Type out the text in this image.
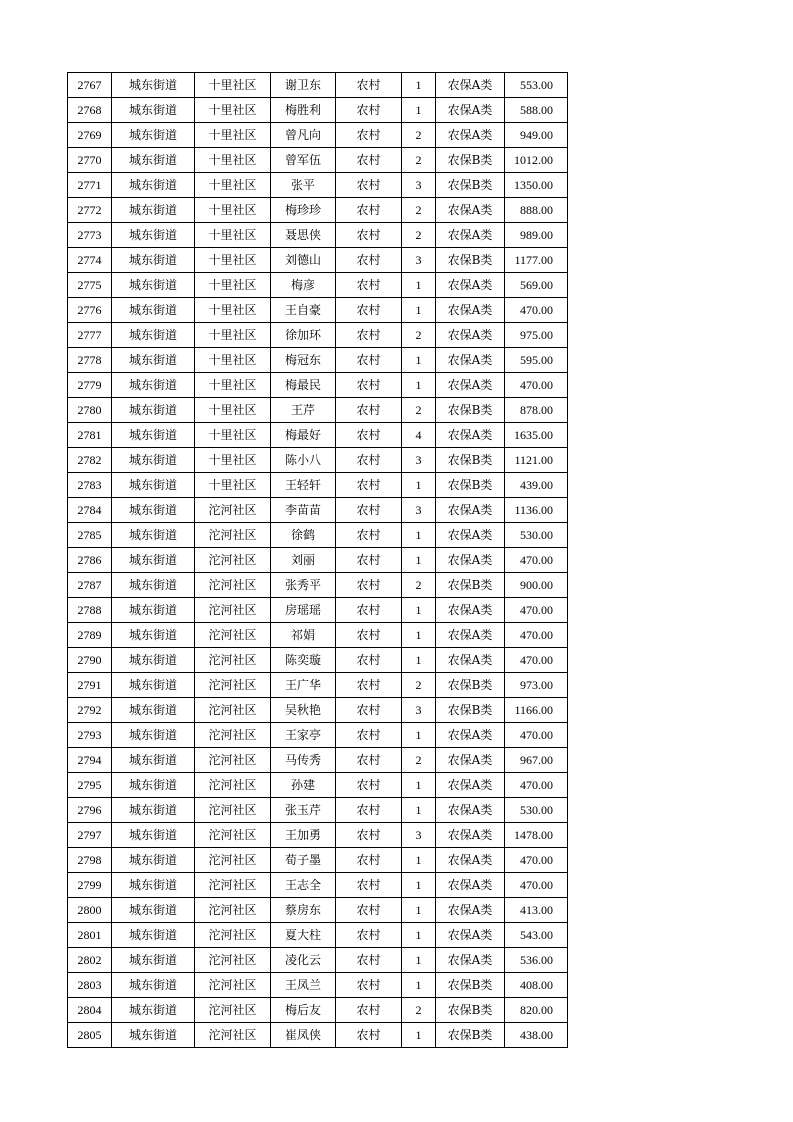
2767	城东街道	十里社区	谢卫东	农村	1	农保A类	553.00
2768	城东街道	十里社区	梅胜利	农村	1	农保A类	588.00
2769	城东街道	十里社区	曾凡向	农村	2	农保A类	949.00
2770	城东街道	十里社区	曾军伍	农村	2	农保B类	1012.00
2771	城东街道	十里社区	张平	农村	3	农保B类	1350.00
2772	城东街道	十里社区	梅珍珍	农村	2	农保A类	888.00
2773	城东街道	十里社区	聂思侠	农村	2	农保A类	989.00
2774	城东街道	十里社区	刘德山	农村	3	农保B类	1177.00
2775	城东街道	十里社区	梅彦	农村	1	农保A类	569.00
2776	城东街道	十里社区	王自豪	农村	1	农保A类	470.00
2777	城东街道	十里社区	徐加环	农村	2	农保A类	975.00
2778	城东街道	十里社区	梅冠东	农村	1	农保A类	595.00
2779	城东街道	十里社区	梅最民	农村	1	农保A类	470.00
2780	城东街道	十里社区	王芹	农村	2	农保B类	878.00
2781	城东街道	十里社区	梅最好	农村	4	农保A类	1635.00
2782	城东街道	十里社区	陈小八	农村	3	农保B类	1121.00
2783	城东街道	十里社区	王轻轩	农村	1	农保B类	439.00
2784	城东街道	沱河社区	李苗苗	农村	3	农保A类	1136.00
2785	城东街道	沱河社区	徐鹤	农村	1	农保A类	530.00
2786	城东街道	沱河社区	刘丽	农村	1	农保A类	470.00
2787	城东街道	沱河社区	张秀平	农村	2	农保B类	900.00
2788	城东街道	沱河社区	房瑶瑶	农村	1	农保A类	470.00
2789	城东街道	沱河社区	祁娟	农村	1	农保A类	470.00
2790	城东街道	沱河社区	陈奕璇	农村	1	农保A类	470.00
2791	城东街道	沱河社区	王广华	农村	2	农保B类	973.00
2792	城东街道	沱河社区	吴秋艳	农村	3	农保B类	1166.00
2793	城东街道	沱河社区	王家亭	农村	1	农保A类	470.00
2794	城东街道	沱河社区	马传秀	农村	2	农保A类	967.00
2795	城东街道	沱河社区	孙建	农村	1	农保A类	470.00
2796	城东街道	沱河社区	张玉芹	农村	1	农保A类	530.00
2797	城东街道	沱河社区	王加勇	农村	3	农保A类	1478.00
2798	城东街道	沱河社区	荀子墨	农村	1	农保A类	470.00
2799	城东街道	沱河社区	王志全	农村	1	农保A类	470.00
2800	城东街道	沱河社区	蔡房东	农村	1	农保A类	413.00
2801	城东街道	沱河社区	夏大柱	农村	1	农保A类	543.00
2802	城东街道	沱河社区	凌化云	农村	1	农保A类	536.00
2803	城东街道	沱河社区	王凤兰	农村	1	农保B类	408.00
2804	城东街道	沱河社区	梅后友	农村	2	农保B类	820.00
2805	城东街道	沱河社区	崔凤侠	农村	1	农保B类	438.00
